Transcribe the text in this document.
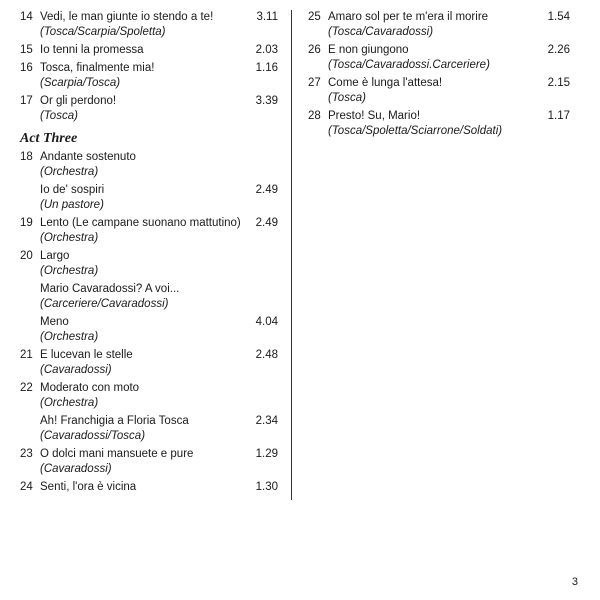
14 Vedi, le man giunte io stendo a te!	3.11
(Tosca/Scarpia/Spoletta)
15 Io tenni la promessa	2.03
16 Tosca, finalmente mia!	1.16
(Scarpia/Tosca)
17 Or gli perdono!	3.39
(Tosca)
Act Three
18 Andante sostenuto
(Orchestra)
Io de' sospiri	2.49
(Un pastore)
19 Lento (Le campane suonano mattutino)	2.49
(Orchestra)
20 Largo
(Orchestra)
Mario Cavaradossi? A voi...
(Carceriere/Cavaradossi)
Meno	4.04
(Orchestra)
21 E lucevan le stelle	2.48
(Cavaradossi)
22 Moderato con moto
(Orchestra)
Ah! Franchigia a Floria Tosca	2.34
(Cavaradossi/Tosca)
23 O dolci mani mansuete e pure	1.29
(Cavaradossi)
24 Senti, l'ora è vicina	1.30
25 Amaro sol per te m'era il morire	1.54
(Tosca/Cavaradossi)
26 E non giungono	2.26
(Tosca/Cavaradossi.Carceriere)
27 Come è lunga l'attesa!	2.15
(Tosca)
28 Presto! Su, Mario!	1.17
(Tosca/Spoletta/Sciarrone/Soldati)
3
